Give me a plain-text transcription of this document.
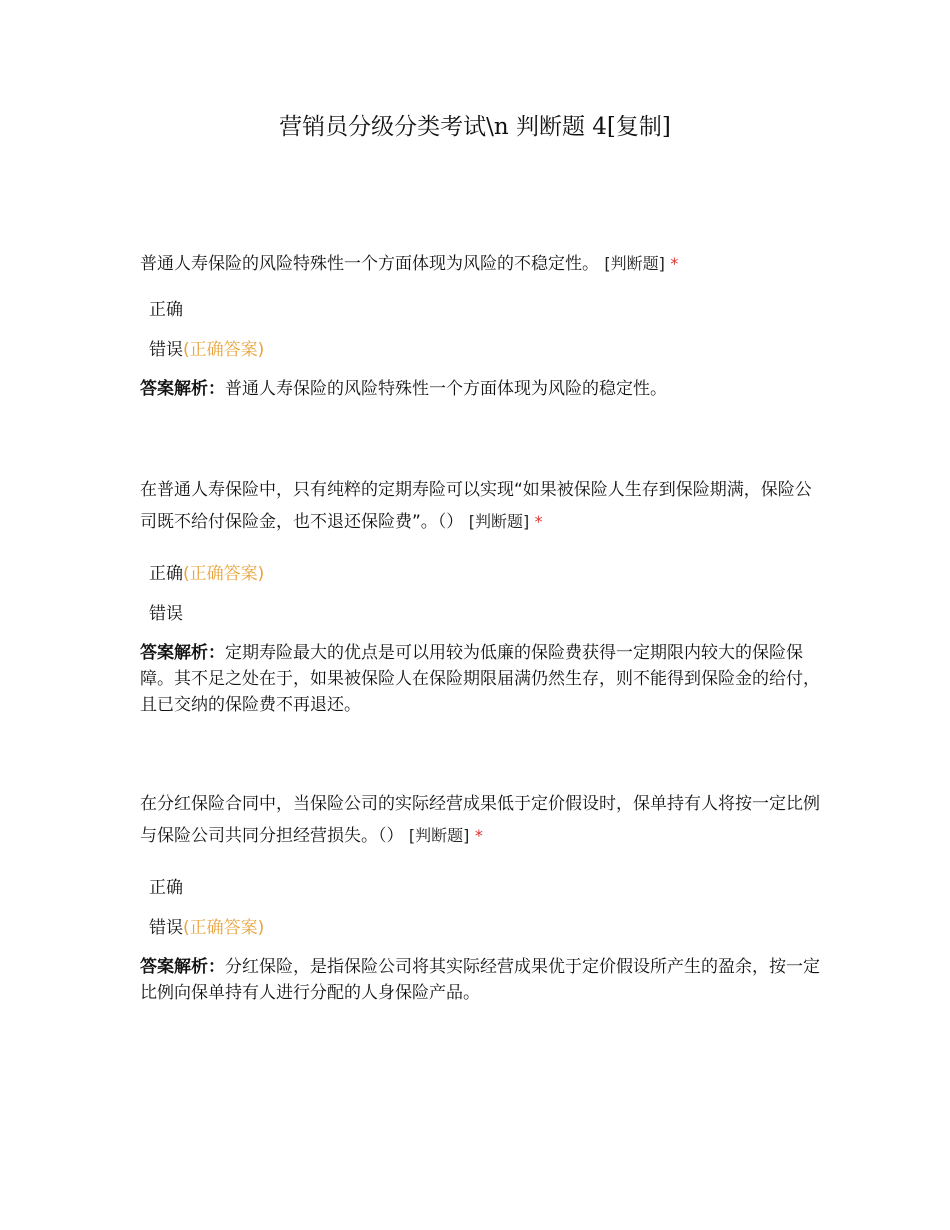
营销员分级分类考试\n 判断题 4[复制]

普通人寿保险的风险特殊性一个方面体现为风险的不稳定性。 [判断题] *

正确
错误(正确答案)

答案解析：普通人寿保险的风险特殊性一个方面体现为风险的稳定性。

在普通人寿保险中，只有纯粹的定期寿险可以实现“如果被保险人生存到保险期满，保险公司既不给付保险金，也不退还保险费”。（） [判断题] *

正确(正确答案)
错误

答案解析：定期寿险最大的优点是可以用较为低廉的保险费获得一定期限内较大的保险保障。其不足之处在于，如果被保险人在保险期限届满仍然生存，则不能得到保险金的给付，且已交纳的保险费不再退还。

在分红保险合同中，当保险公司的实际经营成果低于定价假设时，保单持有人将按一定比例与保险公司共同分担经营损失。（） [判断题] *

正确
错误(正确答案)

答案解析：分红保险，是指保险公司将其实际经营成果优于定价假设所产生的盈余，按一定比例向保单持有人进行分配的人身保险产品。
